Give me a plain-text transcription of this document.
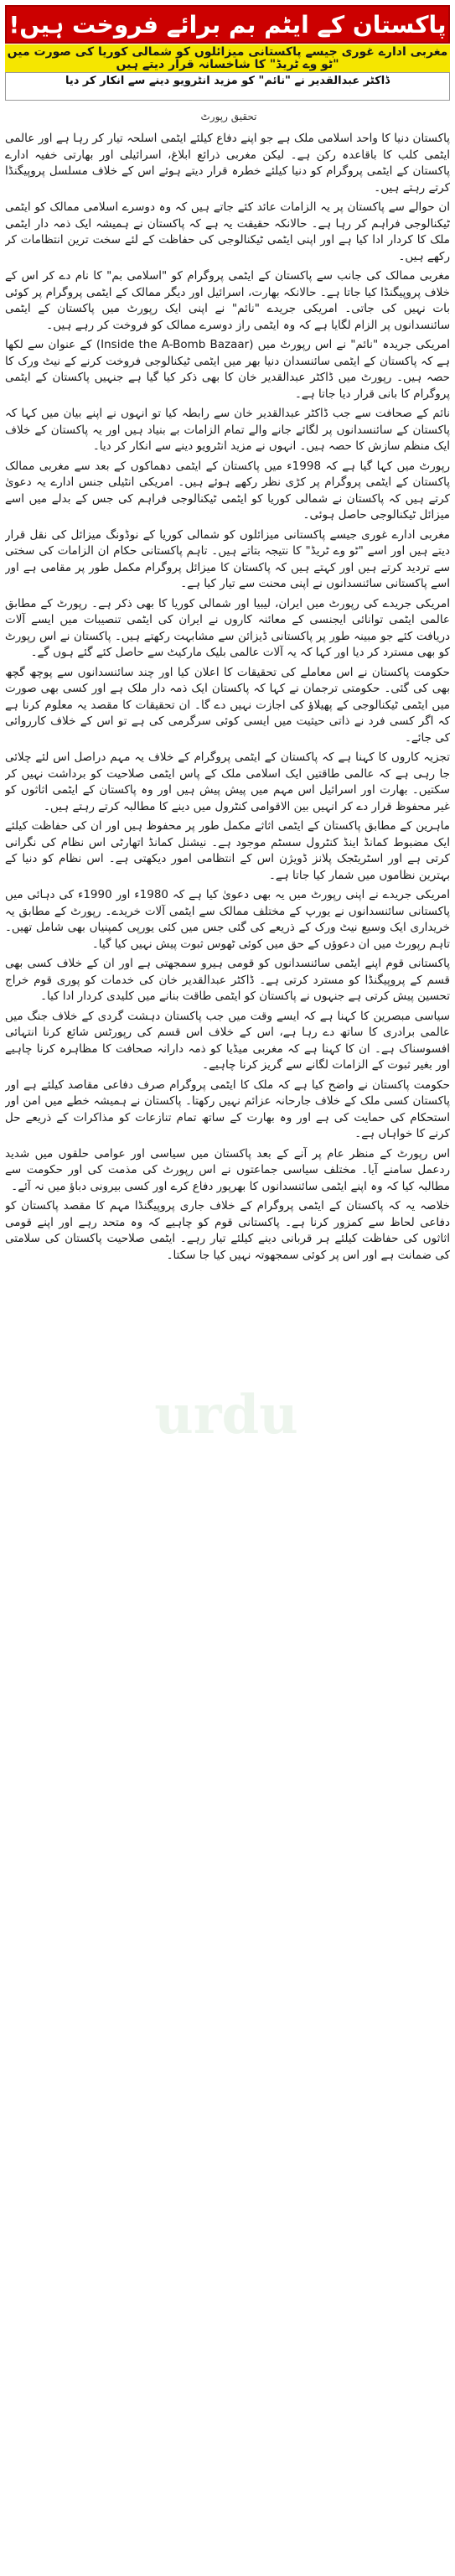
پاکستان کے ایٹم بم برائے فروخت ہیں!
مغربی ادارے غوری جیسے پاکستانی میزائلوں کو شمالی کوریا کی صورت میں "ٹو وے ٹریڈ" کا شاخسانہ قرار دیتے ہیں
ڈاکٹر عبدالقدیر نے "نائم" کو مزید انٹرویو دینے سے انکار کر دیا
تحقیق رپورٹ

پاکستان دنیا کا واحد اسلامی ملک ہے جو اپنے دفاع کیلئے ایٹمی اسلحہ تیار کر رہا ہے اور عالمی ایٹمی کلب کا باقاعدہ رکن ہے۔ لیکن مغربی ذرائع ابلاغ، اسرائیلی اور بھارتی خفیہ ادارے پاکستان کے ایٹمی پروگرام کو دنیا کیلئے خطرہ قرار دیتے ہوئے اس کے خلاف مسلسل پروپیگنڈا کرتے رہتے ہیں۔

ان حوالے سے پاکستان پر یہ الزامات عائد کئے جاتے ہیں کہ وہ دوسرے اسلامی ممالک کو ایٹمی ٹیکنالوجی فراہم کر رہا ہے۔ حالانکہ حقیقت یہ ہے کہ پاکستان نے ہمیشہ ایک ذمہ دار ایٹمی ملک کا کردار ادا کیا ہے اور اپنی ایٹمی ٹیکنالوجی کی حفاظت کے لئے سخت ترین انتظامات کر رکھے ہیں۔

مغربی ممالک کی جانب سے پاکستان کے ایٹمی پروگرام کو "اسلامی بم" کا نام دے کر اس کے خلاف پروپیگنڈا کیا جاتا ہے۔ حالانکہ بھارت، اسرائیل اور دیگر ممالک کے ایٹمی پروگرام پر کوئی بات نہیں کی جاتی۔ امریکی جریدے "نائم" نے اپنی ایک رپورٹ میں پاکستان کے ایٹمی سائنسدانوں پر الزام لگایا ہے کہ وہ ایٹمی راز دوسرے ممالک کو فروخت کر رہے ہیں۔

امریکی جریدہ "نائم" نے اس رپورٹ میں (Inside the A-Bomb Bazaar) کے عنوان سے لکھا ہے کہ پاکستان کے ایٹمی سائنسدان دنیا بھر میں ایٹمی ٹیکنالوجی فروخت کرنے کے نیٹ ورک کا حصہ ہیں۔ رپورٹ میں ڈاکٹر عبدالقدیر خان کا بھی ذکر کیا گیا ہے جنہیں پاکستان کے ایٹمی پروگرام کا بانی قرار دیا جاتا ہے۔

نائم کے صحافت سے جب ڈاکٹر عبدالقدیر خان سے رابطہ کیا تو انہوں نے اپنے بیان میں کہا کہ پاکستان کے سائنسدانوں پر لگائے جانے والے تمام الزامات بے بنیاد ہیں اور یہ پاکستان کے خلاف ایک منظم سازش کا حصہ ہیں۔ انہوں نے مزید انٹرویو دینے سے انکار کر دیا۔

رپورٹ میں کہا گیا ہے کہ 1998ء میں پاکستان کے ایٹمی دھماکوں کے بعد سے مغربی ممالک پاکستان کے ایٹمی پروگرام پر کڑی نظر رکھے ہوئے ہیں۔ امریکی انٹیلی جنس ادارے یہ دعویٰ کرتے ہیں کہ پاکستان نے شمالی کوریا کو ایٹمی ٹیکنالوجی فراہم کی جس کے بدلے میں اسے میزائل ٹیکنالوجی حاصل ہوئی۔

مغربی ادارے غوری جیسے پاکستانی میزائلوں کو شمالی کوریا کے نوڈونگ میزائل کی نقل قرار دیتے ہیں اور اسے "ٹو وے ٹریڈ" کا نتیجہ بتاتے ہیں۔ تاہم پاکستانی حکام ان الزامات کی سختی سے تردید کرتے ہیں اور کہتے ہیں کہ پاکستان کا میزائل پروگرام مکمل طور پر مقامی ہے اور اسے پاکستانی سائنسدانوں نے اپنی محنت سے تیار کیا ہے۔

امریکی جریدے کی رپورٹ میں ایران، لیبیا اور شمالی کوریا کا بھی ذکر ہے۔ رپورٹ کے مطابق عالمی ایٹمی توانائی ایجنسی کے معائنہ کاروں نے ایران کی ایٹمی تنصیبات میں ایسے آلات دریافت کئے جو مبینہ طور پر پاکستانی ڈیزائن سے مشابہت رکھتے ہیں۔ پاکستان نے اس رپورٹ کو بھی مسترد کر دیا اور کہا کہ یہ آلات عالمی بلیک مارکیٹ سے حاصل کئے گئے ہوں گے۔

حکومت پاکستان نے اس معاملے کی تحقیقات کا اعلان کیا اور چند سائنسدانوں سے پوچھ گچھ بھی کی گئی۔ حکومتی ترجمان نے کہا کہ پاکستان ایک ذمہ دار ملک ہے اور کسی بھی صورت میں ایٹمی ٹیکنالوجی کے پھیلاؤ کی اجازت نہیں دے گا۔ ان تحقیقات کا مقصد یہ معلوم کرنا ہے کہ اگر کسی فرد نے ذاتی حیثیت میں ایسی کوئی سرگرمی کی ہے تو اس کے خلاف کارروائی کی جائے۔

تجزیہ کاروں کا کہنا ہے کہ پاکستان کے ایٹمی پروگرام کے خلاف یہ مہم دراصل اس لئے چلائی جا رہی ہے کہ عالمی طاقتیں ایک اسلامی ملک کے پاس ایٹمی صلاحیت کو برداشت نہیں کر سکتیں۔ بھارت اور اسرائیل اس مہم میں پیش پیش ہیں اور وہ پاکستان کے ایٹمی اثاثوں کو غیر محفوظ قرار دے کر انہیں بین الاقوامی کنٹرول میں دینے کا مطالبہ کرتے رہتے ہیں۔

ماہرین کے مطابق پاکستان کے ایٹمی اثاثے مکمل طور پر محفوظ ہیں اور ان کی حفاظت کیلئے ایک مضبوط کمانڈ اینڈ کنٹرول سسٹم موجود ہے۔ نیشنل کمانڈ اتھارٹی اس نظام کی نگرانی کرتی ہے اور اسٹریٹجک پلانز ڈویژن اس کے انتظامی امور دیکھتی ہے۔ اس نظام کو دنیا کے بہترین نظاموں میں شمار کیا جاتا ہے۔

امریکی جریدے نے اپنی رپورٹ میں یہ بھی دعویٰ کیا ہے کہ 1980ء اور 1990ء کی دہائی میں پاکستانی سائنسدانوں نے یورپ کے مختلف ممالک سے ایٹمی آلات خریدے۔ رپورٹ کے مطابق یہ خریداری ایک وسیع نیٹ ورک کے ذریعے کی گئی جس میں کئی یورپی کمپنیاں بھی شامل تھیں۔ تاہم رپورٹ میں ان دعوؤں کے حق میں کوئی ٹھوس ثبوت پیش نہیں کیا گیا۔

پاکستانی قوم اپنے ایٹمی سائنسدانوں کو قومی ہیرو سمجھتی ہے اور ان کے خلاف کسی بھی قسم کے پروپیگنڈا کو مسترد کرتی ہے۔ ڈاکٹر عبدالقدیر خان کی خدمات کو پوری قوم خراج تحسین پیش کرتی ہے جنہوں نے پاکستان کو ایٹمی طاقت بنانے میں کلیدی کردار ادا کیا۔

سیاسی مبصرین کا کہنا ہے کہ ایسے وقت میں جب پاکستان دہشت گردی کے خلاف جنگ میں عالمی برادری کا ساتھ دے رہا ہے، اس کے خلاف اس قسم کی رپورٹس شائع کرنا انتہائی افسوسناک ہے۔ ان کا کہنا ہے کہ مغربی میڈیا کو ذمہ دارانہ صحافت کا مظاہرہ کرنا چاہیے اور بغیر ثبوت کے الزامات لگانے سے گریز کرنا چاہیے۔

حکومت پاکستان نے واضح کیا ہے کہ ملک کا ایٹمی پروگرام صرف دفاعی مقاصد کیلئے ہے اور پاکستان کسی ملک کے خلاف جارحانہ عزائم نہیں رکھتا۔ پاکستان نے ہمیشہ خطے میں امن اور استحکام کی حمایت کی ہے اور وہ بھارت کے ساتھ تمام تنازعات کو مذاکرات کے ذریعے حل کرنے کا خواہاں ہے۔

اس رپورٹ کے منظر عام پر آنے کے بعد پاکستان میں سیاسی اور عوامی حلقوں میں شدید ردعمل سامنے آیا۔ مختلف سیاسی جماعتوں نے اس رپورٹ کی مذمت کی اور حکومت سے مطالبہ کیا کہ وہ اپنے ایٹمی سائنسدانوں کا بھرپور دفاع کرے اور کسی بیرونی دباؤ میں نہ آئے۔

خلاصہ یہ کہ پاکستان کے ایٹمی پروگرام کے خلاف جاری پروپیگنڈا مہم کا مقصد پاکستان کو دفاعی لحاظ سے کمزور کرنا ہے۔ پاکستانی قوم کو چاہیے کہ وہ متحد رہے اور اپنے قومی اثاثوں کی حفاظت کیلئے ہر قربانی دینے کیلئے تیار رہے۔ ایٹمی صلاحیت پاکستان کی سلامتی کی ضمانت ہے اور اس پر کوئی سمجھوتہ نہیں کیا جا سکتا۔

urdu
